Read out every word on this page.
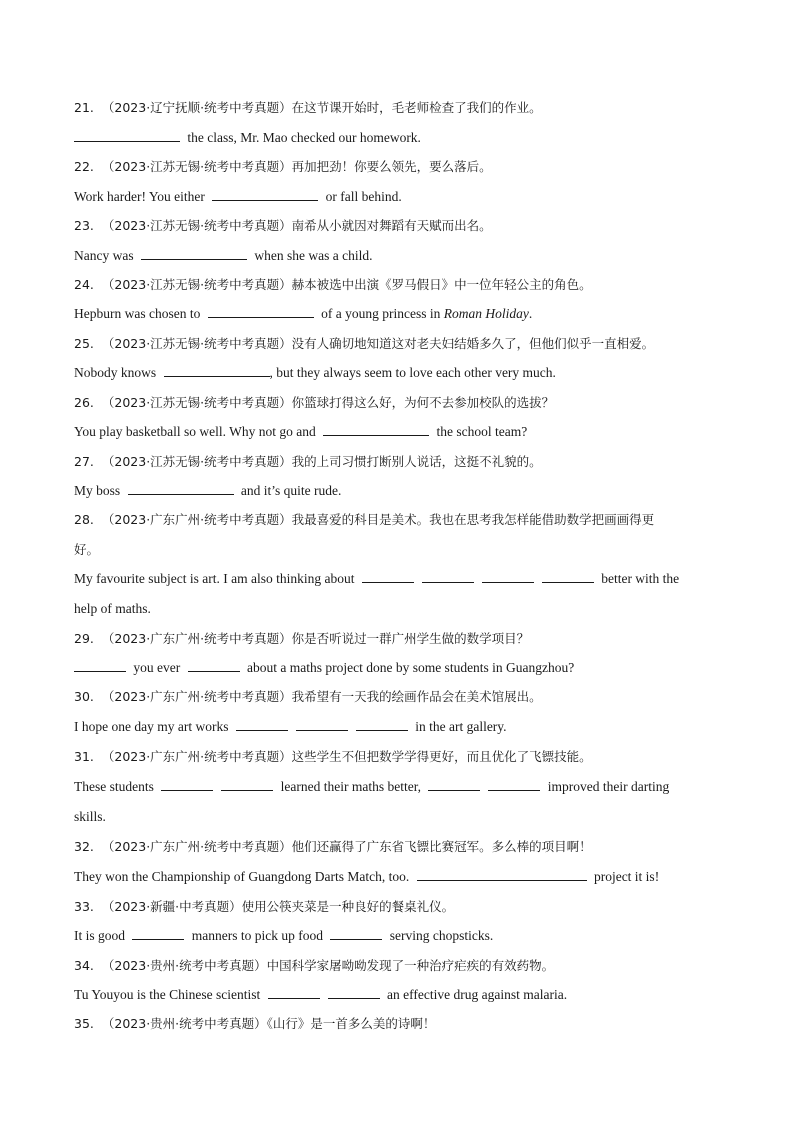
21. （2023·辽宁抚顺·统考中考真题）在这节课开始时，毛老师检查了我们的作业。
the class, Mr. Mao checked our homework.
22. （2023·江苏无锡·统考中考真题）再加把劲！你要么领先，要么落后。
Work harder! You either	or fall behind.
23. （2023·江苏无锡·统考中考真题）南希从小就因对舞蹈有天赋而出名。
Nancy was	when she was a child.
24. （2023·江苏无锡·统考中考真题）赫本被选中出演《罗马假日》中一位年轻公主的角色。
Hepburn was chosen to	of a young princess in Roman Holiday.
25. （2023·江苏无锡·统考中考真题）没有人确切地知道这对老夫妇结婚多久了，但他们似乎一直相爱。
Nobody knows	, but they always seem to love each other very much.
26. （2023·江苏无锡·统考中考真题）你篮球打得这么好，为何不去参加校队的选拔？
You play basketball so well. Why not go and	the school team?
27. （2023·江苏无锡·统考中考真题）我的上司习惯打断别人说话，这挺不礼貌的。
My boss	and it’s quite rude.
28. （2023·广东广州·统考中考真题）我最喜爱的科目是美术。我也在思考我怎样能借助数学把画画得更
好。
My favourite subject is art. I am also thinking about	better with the
help of maths.
29. （2023·广东广州·统考中考真题）你是否听说过一群广州学生做的数学项目？
you ever	about a maths project done by some students in Guangzhou?
30. （2023·广东广州·统考中考真题）我希望有一天我的绘画作品会在美术馆展出。
I hope one day my art works	in the art gallery.
31. （2023·广东广州·统考中考真题）这些学生不但把数学学得更好，而且优化了飞镖技能。
These students	learned their maths better,	improved their darting
skills.
32. （2023·广东广州·统考中考真题）他们还赢得了广东省飞镖比赛冠军。多么棒的项目啊！
They won the Championship of Guangdong Darts Match, too.	project it is!
33. （2023·新疆·中考真题）使用公筷夹菜是一种良好的餐桌礼仪。
It is good	manners to pick up food	serving chopsticks.
34. （2023·贵州·统考中考真题）中国科学家屠呦呦发现了一种治疗疟疾的有效药物。
Tu Youyou is the Chinese scientist	an effective drug against malaria.
35. （2023·贵州·统考中考真题）《山行》是一首多么美的诗啊！
